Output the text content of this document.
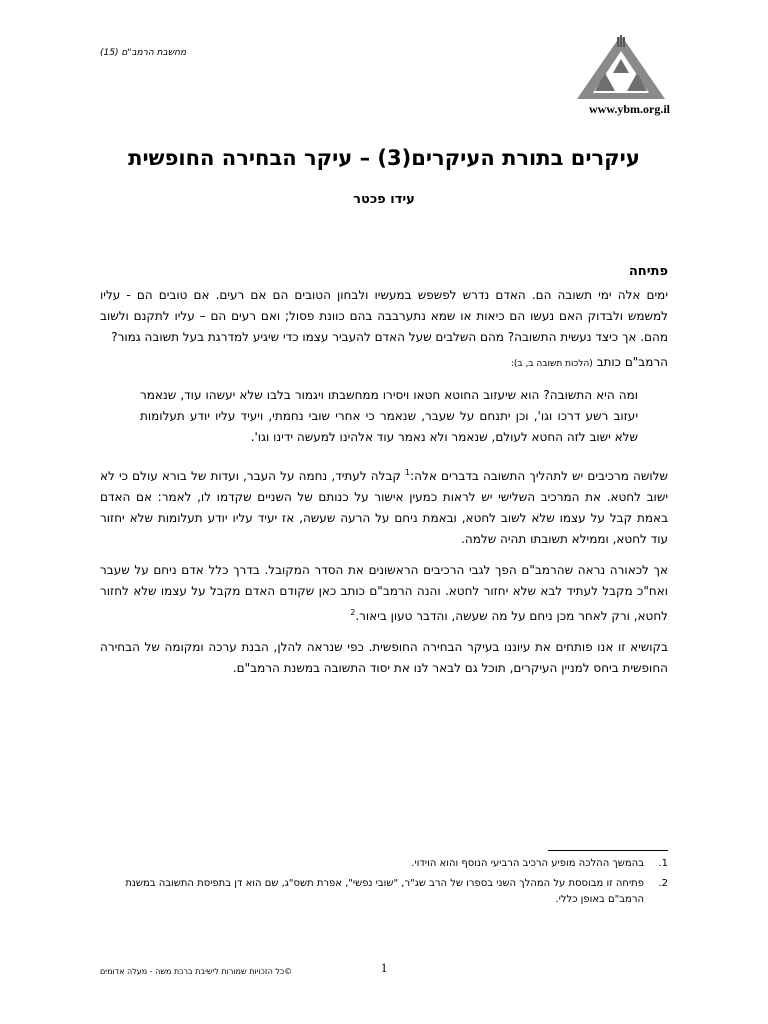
מחשבת הרמב"ם (15)
www.ybm.org.il
עיקרים בתורת העיקרים(3) – עיקר הבחירה החופשית
עידו פכטר
פתיחה

ימים אלה ימי תשובה הם. האדם נדרש לפשפש במעשיו ולבחון הטובים הם אם רעים. אם טובים הם - עליו למשמש ולבדוק האם נעשו הם כיאות או שמא נתערבבה בהם כוונת פסול; ואם רעים הם – עליו לתקנם ולשוב מהם. אך כיצד נעשית התשובה? מהם השלבים שעל האדם להעביר עצמו כדי שיגיע למדרגת בעל תשובה גמור?

הרמב"ם כותב (הלכות תשובה ב, ב):

ומה היא התשובה? הוא שיעזוב החוטא חטאו ויסירו ממחשבתו ויגמור בלבו שלא יעשהו עוד, שנאמר יעזוב רשע דרכו וגו', וכן יתנחם על שעבר, שנאמר כי אחרי שובי נחמתי, ויעיד עליו יודע תעלומות שלא ישוב לזה החטא לעולם, שנאמר ולא נאמר עוד אלהינו למעשה ידינו וגו'.

שלושה מרכיבים יש לתהליך התשובה בדברים אלה:$^1$ קבלה לעתיד, נחמה על העבר, ועדות של בורא עולם כי לא ישוב לחטא. את המרכיב השלישי יש לראות כמעין אישור על כנותם של השניים שקדמו לו, לאמר: אם האדם באמת קבל על עצמו שלא לשוב לחטא, ובאמת ניחם על הרעה שעשה, אז יעיד עליו יודע תעלומות שלא יחזור עוד לחטא, וממילא תשובתו תהיה שלמה.

אך לכאורה נראה שהרמב"ם הפך לגבי הרכיבים הראשונים את הסדר המקובל. בדרך כלל אדם ניחם על שעבר ואח"כ מקבל לעתיד לבא שלא יחזור לחטא. והנה הרמב"ם כותב כאן שקודם האדם מקבל על עצמו שלא לחזור לחטא, ורק לאחר מכן ניחם על מה שעשה, והדבר טעון ביאור.$^2$

בקושיא זו אנו פותחים את עיוננו בעיקר הבחירה החופשית. כפי שנראה להלן, הבנת ערכה ומקומה של הבחירה החופשית ביחס למניין העיקרים, תוכל גם לבאר לנו את יסוד התשובה במשנת הרמב"ם.

1.
בהמשך ההלכה מופיע הרכיב הרביעי הנוסף והוא הוידוי.
2.
פתיחה זו מבוססת על המהלך השני בספרו של הרב שג"ר, "שובי נפשי", אפרת תשס"ג, שם הוא דן בתפיסת התשובה במשנת הרמב"ם באופן כללי.
1
©כל הזכויות שמורות לישיבת ברכת משה - מעלה אדומים
